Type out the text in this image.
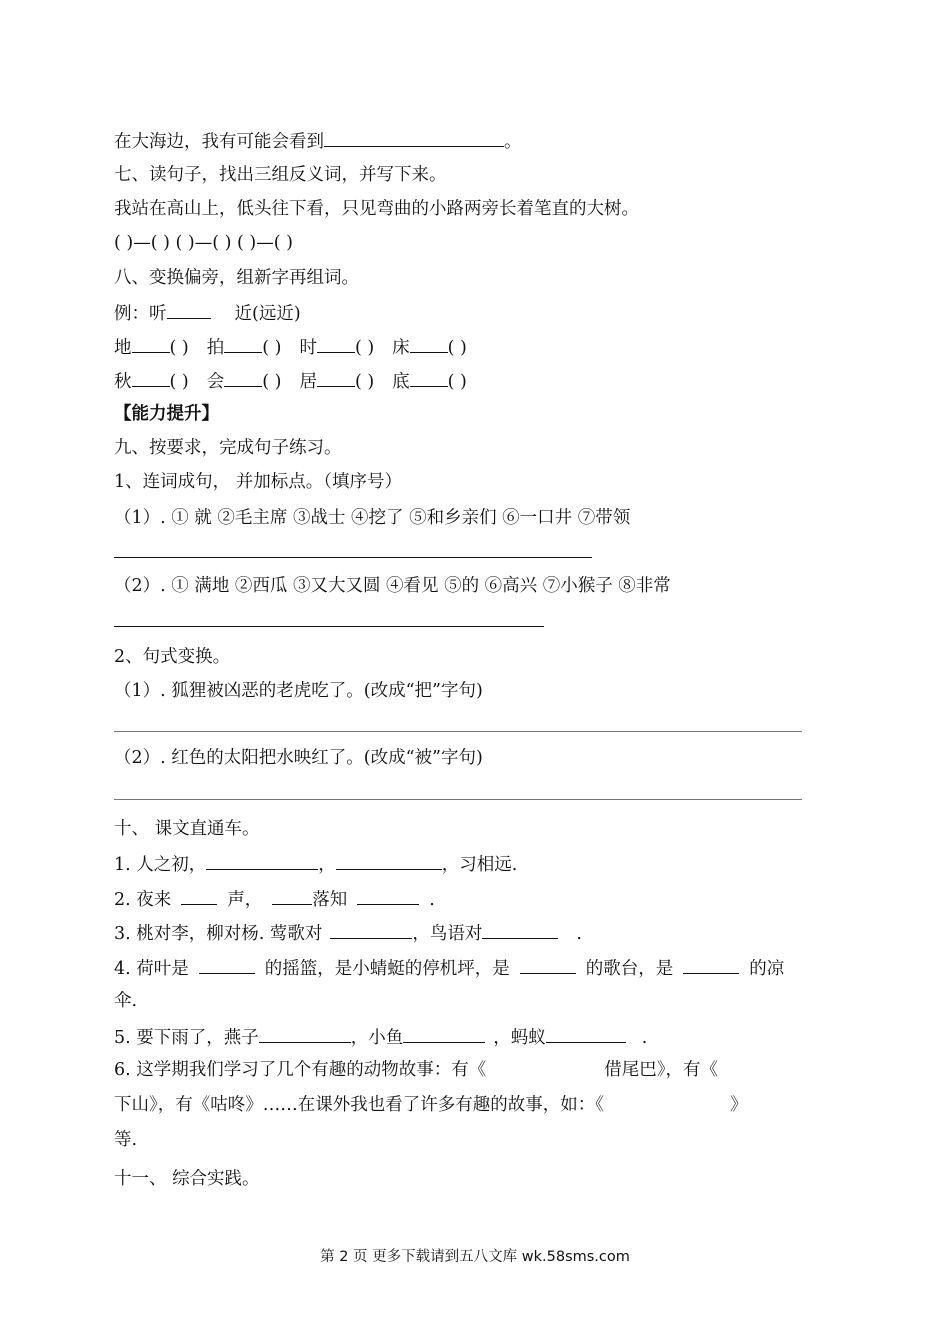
在大海边，我有可能会看到	。
七、读句子，找出三组反义词，并写下来。
我站在高山上，低头往下看，只见弯曲的小路两旁长着笔直的大树。
( )—( ) ( )—( ) ( )—( )
八、变换偏旁，组新字再组词。
例：听	近(远近)
地 ( ) 拍 ( ) 时 ( ) 床 ( )
秋 ( ) 会 ( ) 居 ( ) 底 ( )
【能力提升】
九、按要求，完成句子练习。
1、连词成句， 并加标点。（填序号）
（1）. ① 就 ②毛主席 ③战士 ④挖了 ⑤和乡亲们 ⑥一口井 ⑦带领
（2）. ① 满地 ②西瓜 ③又大又圆 ④看见 ⑤的 ⑥高兴 ⑦小猴子 ⑧非常
2、句式变换。
（1）. 狐狸被凶恶的老虎吃了。(改成“把”字句)
（2）. 红色的太阳把水映红了。(改成“被”字句)
十、 课文直通车。
1. 人之初，	，	，习相远.
2. 夜来	声，	落知	.
3. 桃对李，柳对杨. 莺歌对	，鸟语对	.
4. 荷叶是	的摇篮，是小蜻蜓的停机坪，是	的歌台，是	的凉
伞.
5. 要下雨了，燕子	，小鱼	，蚂蚁	.
6. 这学期我们学习了几个有趣的动物故事：有《	借尾巴》，有《
下山》，有《咕咚》……在课外我也看了许多有趣的故事，如：《	》
等.
十一、 综合实践。
第 2 页 更多下载请到五八文库 wk.58sms.com
